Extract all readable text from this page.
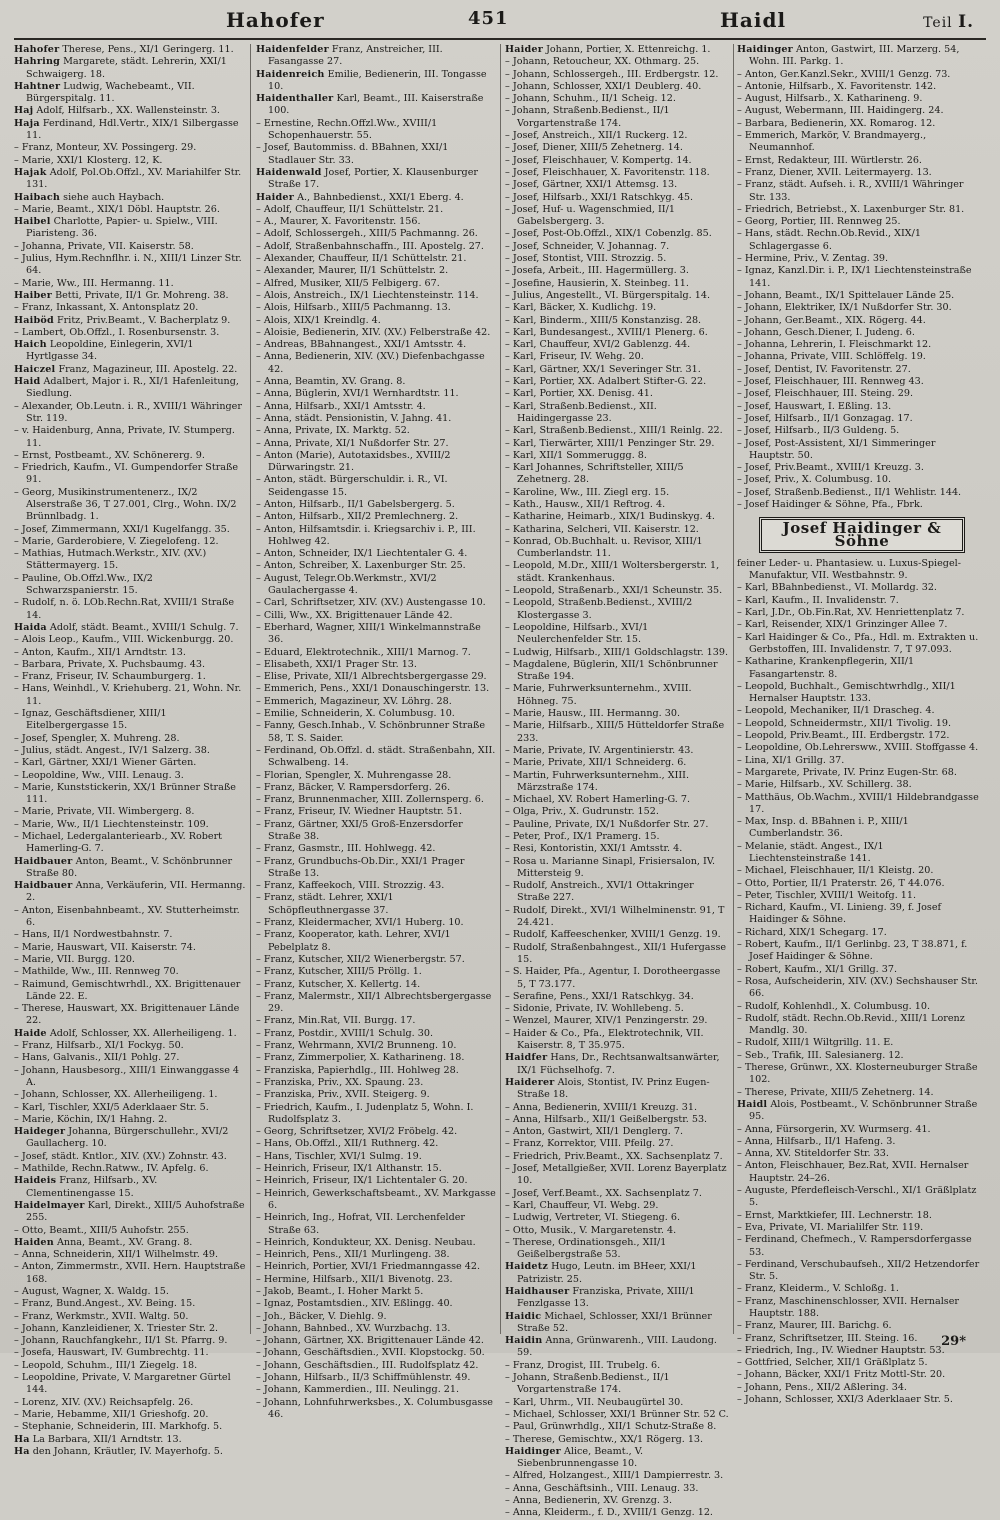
Hahofer	451	Haidl	Teil I.

Hahofer Therese, Pens., XI/1 Geringerg. 11.

Hahring Margarete, städt. Lehrerin, XXI/1 Schwaigerg. 18.

Hahtner Ludwig, Wachebeamt., VII. Bürgerspitalg. 11.

Haj Adolf, Hilfsarb., XX. Wallensteinstr. 3.

Haja Ferdinand, Hdl.Vertr., XIX/1 Silbergasse 11.

– Franz, Monteur, XV. Possingerg. 29.

– Marie, XXI/1 Klosterg. 12, K.

Hajak Adolf, Pol.Ob.Offzl., XV. Mariahilfer Str. 131.

Haibach siehe auch Haybach.

– Marie, Beamt., XIX/1 Döbl. Hauptstr. 26.

Haibel Charlotte, Papier- u. Spielw., VIII. Piaristeng. 36.

– Johanna, Private, VII. Kaiserstr. 58.

– Julius, Hym.Rechnflhr. i. N., XIII/1 Linzer Str. 64.

– Marie, Ww., III. Hermanng. 11.

Haiber Betti, Private, II/1 Gr. Mohreng. 38.

– Franz, Inkassant, X. Antonsplatz 20.

Haiböd Fritz, Priv.Beamt., V. Bacherplatz 9.

– Lambert, Ob.Offzl., I. Rosenbursenstr. 3.

Haich Leopoldine, Einlegerin, XVI/1 Hyrtlgasse 34.

Haiczel Franz, Magazineur, III. Apostelg. 22.

Haid Adalbert, Major i. R., XI/1 Hafenleitung, Siedlung.

– Alexander, Ob.Leutn. i. R., XVIII/1 Währinger Str. 119.

– v. Haidenburg, Anna, Private, IV. Stumperg. 11.

– Ernst, Postbeamt., XV. Schönererg. 9.

– Friedrich, Kaufm., VI. Gumpendorfer Straße 91.

– Georg, Musikinstrumentenerz., IX/2 Alserstraße 36, T 27.001, Clrg., Wohn. IX/2 Brünnlbadg. 1.

– Josef, Zimmermann, XXI/1 Kugelfangg. 35.

– Marie, Garderobiere, V. Ziegelofeng. 12.

– Mathias, Hutmach.Werkstr., XIV. (XV.) Stättermayerg. 15.

– Pauline, Ob.Offzl.Ww., IX/2 Schwarzspanierstr. 15.

– Rudolf, n. ö. LOb.Rechn.Rat, XVIII/1 Straße 14.

Haida Adolf, städt. Beamt., XVIII/1 Schulg. 7.

– Alois Leop., Kaufm., VIII. Wickenburgg. 20.

– Anton, Kaufm., XII/1 Arndtstr. 13.

– Barbara, Private, X. Puchsbaumg. 43.

– Franz, Friseur, IV. Schaumburgerg. 1.

– Hans, Weinhdl., V. Kriehuberg. 21, Wohn. Nr. 11.

– Ignaz, Geschäftsdiener, XIII/1 Eitelbergergasse 15.

– Josef, Spengler, X. Muhreng. 28.

– Julius, städt. Angest., IV/1 Salzerg. 38.

– Karl, Gärtner, XXI/1 Wiener Gärten.

– Leopoldine, Ww., VIII. Lenaug. 3.

– Marie, Kunststickerin, XX/1 Brünner Straße 111.

– Marie, Private, VII. Wimbergerg. 8.

– Marie, Ww., II/1 Liechtensteinstr. 109.

– Michael, Ledergalanteriearb., XV. Robert Hamerling-G. 7.

Haidbauer Anton, Beamt., V. Schönbrunner Straße 80.

Haidbauer Anna, Verkäuferin, VII. Hermanng. 2.

– Anton, Eisenbahnbeamt., XV. Stutterheimstr. 6.

– Hans, II/1 Nordwestbahnstr. 7.

– Marie, Hauswart, VII. Kaiserstr. 74.

– Marie, VII. Burgg. 120.

– Mathilde, Ww., III. Rennweg 70.

– Raimund, Gemischtwrhdl., XX. Brigittenauer Lände 22. E.

– Therese, Hauswart, XX. Brigittenauer Lände 22.

Haide Adolf, Schlosser, XX. Allerheiligeng. 1.

– Franz, Hilfsarb., XI/1 Fockyg. 50.

– Hans, Galvanis., XII/1 Pohlg. 27.

– Johann, Hausbesorg., XIII/1 Einwanggasse 4 A.

– Johann, Schlosser, XX. Allerheiligeng. 1.

– Karl, Tischler, XXI/5 Aderklaaer Str. 5.

– Marie, Köchin, IX/1 Hahng. 2.

Haideger Johanna, Bürgerschullehr., XVI/2 Gaullacherg. 10.

– Josef, städt. Kntlor., XIV. (XV.) Zohnstr. 43.

– Mathilde, Rechn.Ratww., IV. Apfelg. 6.

Haideis Franz, Hilfsarb., XV. Clementinengasse 15.

Haidelmayer Karl, Direkt., XIII/5 Auhofstraße 255.

– Otto, Beamt., XIII/5 Auhofstr. 255.

Haiden Anna, Beamt., XV. Grang. 8.

– Anna, Schneiderin, XII/1 Wilhelmstr. 49.

– Anton, Zimmermstr., XVII. Hern. Hauptstraße 168.

– August, Wagner, X. Waldg. 15.

– Franz, Bund.Angest., XV. Being. 15.

– Franz, Werkmstr., XVII. Waltg. 50.

– Johann, Kanzleidiener, X. Triester Str. 2.

– Johann, Rauchfangkehr., II/1 St. Pfarrg. 9.

– Josefa, Hauswart, IV. Gumbrechtg. 11.

– Leopold, Schuhm., III/1 Ziegelg. 18.

– Leopoldine, Private, V. Margaretner Gürtel 144.

– Lorenz, XIV. (XV.) Reichsapfelg. 26.

– Marie, Hebamme, XII/1 Grieshofg. 20.

– Stephanie, Schneiderin, III. Markhofg. 5.

Ha La Barbara, XII/1 Arndtstr. 13.

Ha den Johann, Kräutler, IV. Mayerhofg. 5.

Haidenfelder Franz, Anstreicher, III. Fasangasse 27.

Haidenreich Emilie, Bedienerin, III. Tongasse 10.

Haidenthaller Karl, Beamt., III. Kaiserstraße 100.

– Ernestine, Rechn.Offzl.Ww., XVIII/1 Schopenhauerstr. 55.

– Josef, Bautommiss. d. BBahnen, XXI/1 Stadlauer Str. 33.

Haidenwald Josef, Portier, X. Klausenburger Straße 17.

Haider A., Bahnbedienst., XXI/1 Eberg. 4.

– Adolf, Chauffeur, II/1 Schüttelstr. 21.

– A., Maurer, X. Favoritenstr. 156.

– Adolf, Schlossergeh., XIII/5 Pachmanng. 26.

– Adolf, Straßenbahnschaffn., III. Apostelg. 27.

– Alexander, Chauffeur, II/1 Schüttelstr. 21.

– Alexander, Maurer, II/1 Schüttelstr. 2.

– Alfred, Musiker, XII/5 Felbigerg. 67.

– Alois, Anstreich., IX/1 Liechtensteinstr. 114.

– Alois, Hilfsarb., XIII/5 Pachmanng. 13.

– Alois, XIX/1 Kreindlg. 4.

– Aloisie, Bedienerin, XIV. (XV.) Felberstraße 42.

– Andreas, BBahnangest., XXI/1 Amtsstr. 4.

– Anna, Bedienerin, XIV. (XV.) Diefenbachgasse 42.

– Anna, Beamtin, XV. Grang. 8.

– Anna, Büglerin, XVI/1 Wernhardtstr. 11.

– Anna, Hilfsarb., XXI/1 Amtsstr. 4.

– Anna, städt. Pensionistin, V. Jahng. 41.

– Anna, Private, IX. Marktg. 52.

– Anna, Private, XI/1 Nußdorfer Str. 27.

– Anton (Marie), Autotaxidsbes., XVIII/2 Dürwaringstr. 21.

– Anton, städt. Bürgerschuldir. i. R., VI. Seidengasse 15.

– Anton, Hilfsarb., II/1 Gabelsbergerg. 5.

– Anton, Hilfsarb., XII/2 Premlechnerg. 2.

– Anton, Hilfsamtsdir. i. Kriegsarchiv i. P., III. Hohlweg 42.

– Anton, Schneider, IX/1 Liechtentaler G. 4.

– Anton, Schreiber, X. Laxenburger Str. 25.

– August, Telegr.Ob.Werkmstr., XVI/2 Gaulachergasse 4.

– Carl, Schriftsetzer, XIV. (XV.) Austengasse 10.

– Cilli, Ww., XX. Brigittenauer Lände 42.

– Eberhard, Wagner, XIII/1 Winkelmannstraße 36.

– Eduard, Elektrotechnik., XIII/1 Marnog. 7.

– Elisabeth, XXI/1 Prager Str. 13.

– Elise, Private, XII/1 Albrechtsbergergasse 29.

– Emmerich, Pens., XXI/1 Donauschingerstr. 13.

– Emmerich, Magazineur, XV. Löhrg. 28.

– Emilie, Schneiderin, X. Columbusg. 10.

– Fanny, Gesch.Inhab., V. Schönbrunner Straße 58, T. S. Saider.

– Ferdinand, Ob.Offzl. d. städt. Straßenbahn, XII. Schwalbeng. 14.

– Florian, Spengler, X. Muhrengasse 28.

– Franz, Bäcker, V. Rampersdorferg. 26.

– Franz, Brunnenmacher, XIII. Zollernsperg. 6.

– Franz, Friseur, IV. Wiedner Hauptstr. 51.

– Franz, Gärtner, XXI/5 Groß-Enzersdorfer Straße 38.

– Franz, Gasmstr., III. Hohlwegg. 42.

– Franz, Grundbuchs-Ob.Dir., XXI/1 Prager Straße 13.

– Franz, Kaffeekoch, VIII. Strozzig. 43.

– Franz, städt. Lehrer, XXI/1 Schöpfleuthnergasse 37.

– Franz, Kleidermacher, XVI/1 Huberg. 10.

– Franz, Kooperator, kath. Lehrer, XVI/1 Pebelplatz 8.

– Franz, Kutscher, XII/2 Wienerbergstr. 57.

– Franz, Kutscher, XIII/5 Pröllg. 1.

– Franz, Kutscher, X. Kellertg. 14.

– Franz, Malermstr., XII/1 Albrechtsbergergasse 29.

– Franz, Min.Rat, VII. Burgg. 17.

– Franz, Postdir., XVIII/1 Schulg. 30.

– Franz, Wehrmann, XVI/2 Brunneng. 10.

– Franz, Zimmerpolier, X. Katharineng. 18.

– Franziska, Papierhdlg., III. Hohlweg 28.

– Franziska, Priv., XX. Spaung. 23.

– Franziska, Priv., XVII. Steigerg. 9.

– Friedrich, Kaufm., I. Judenplatz 5, Wohn. I. Rudolfsplatz 3.

– Georg, Schriftsetzer, XVI/2 Fröbelg. 42.

– Hans, Ob.Offzl., XII/1 Ruthnerg. 42.

– Hans, Tischler, XVI/1 Sulmg. 19.

– Heinrich, Friseur, IX/1 Althanstr. 15.

– Heinrich, Friseur, IX/1 Lichtentaler G. 20.

– Heinrich, Gewerkschaftsbeamt., XV. Markgasse 6.

– Heinrich, Ing., Hofrat, VII. Lerchenfelder Straße 63.

– Heinrich, Kondukteur, XX. Denisg. Neubau.

– Heinrich, Pens., XII/1 Murlingeng. 38.

– Heinrich, Portier, XVI/1 Friedmanngasse 42.

– Hermine, Hilfsarb., XII/1 Bivenotg. 23.

– Jakob, Beamt., I. Hoher Markt 5.

– Ignaz, Postamtsdien., XIV. Eßlingg. 40.

– Joh., Bäcker, V. Diehlg. 9.

– Johann, Bahnbed., XV. Wurzbachg. 13.

– Johann, Gärtner, XX. Brigittenauer Lände 42.

– Johann, Geschäftsdien., XVII. Klopstockg. 50.

– Johann, Geschäftsdien., III. Rudolfsplatz 42.

– Johann, Hilfsarb., II/3 Schiffmühlenstr. 49.

– Johann, Kammerdien., III. Neulingg. 21.

– Johann, Lohnfuhrwerksbes., X. Columbusgasse 46.

Haider Johann, Portier, X. Ettenreichg. 1.

– Johann, Retoucheur, XX. Othmarg. 25.

– Johann, Schlossergeh., III. Erdbergstr. 12.

– Johann, Schlosser, XXI/1 Deublerg. 40.

– Johann, Schuhm., II/1 Scheig. 12.

– Johann, Straßenb.Bedienst., II/1 Vorgartenstraße 174.

– Josef, Anstreich., XII/1 Ruckerg. 12.

– Josef, Diener, XIII/5 Zehetnerg. 14.

– Josef, Fleischhauer, V. Kompertg. 14.

– Josef, Fleischhauer, X. Favoritenstr. 118.

– Josef, Gärtner, XXI/1 Attemsg. 13.

– Josef, Hilfsarb., XXI/1 Ratschkyg. 45.

– Josef, Huf- u. Wagenschmied, II/1 Gabelsbergerg. 3.

– Josef, Post-Ob.Offzl., XIX/1 Cobenzlg. 85.

– Josef, Schneider, V. Johannag. 7.

– Josef, Stontist, VIII. Strozzig. 5.

– Josefa, Arbeit., III. Hagermüllerg. 3.

– Josefine, Hausierin, X. Steinbeg. 11.

– Julius, Angestellt., VI. Bürgerspitalg. 14.

– Karl, Bäcker, X. Kudlichg. 19.

– Karl, Binderm., XIII/5 Konstanzisg. 28.

– Karl, Bundesangest., XVIII/1 Plenerg. 6.

– Karl, Chauffeur, XVI/2 Gablenzg. 44.

– Karl, Friseur, IV. Wehg. 20.

– Karl, Gärtner, XX/1 Severinger Str. 31.

– Karl, Portier, XX. Adalbert Stifter-G. 22.

– Karl, Portier, XX. Denisg. 41.

– Karl, Straßenb.Bedienst., XII. Haidingergasse 23.

– Karl, Straßenb.Bedienst., XIII/1 Reinlg. 22.

– Karl, Tierwärter, XIII/1 Penzinger Str. 29.

– Karl, XII/1 Sommeruggg. 8.

– Karl Johannes, Schriftsteller, XIII/5 Zehetnerg. 28.

– Karoline, Ww., III. Ziegl erg. 15.

– Kath., Hausw., XII/1 Reftrog. 4.

– Katharine, Heimarb., XIX/1 Budinskyg. 4.

– Katharina, Selcheri, VII. Kaiserstr. 12.

– Konrad, Ob.Buchhalt. u. Revisor, XIII/1 Cumberlandstr. 11.

– Leopold, M.Dr., XIII/1 Woltersbergerstr. 1, städt. Krankenhaus.

– Leopold, Straßenarb., XXI/1 Scheunstr. 35.

– Leopold, Straßenb.Bedienst., XVIII/2 Klostergasse 3.

– Leopoldine, Hilfsarb., XVI/1 Neulerchenfelder Str. 15.

– Ludwig, Hilfsarb., XIII/1 Goldschlagstr. 139.

– Magdalene, Büglerin, XII/1 Schönbrunner Straße 194.

– Marie, Fuhrwerksunternehm., XVIII. Höhneg. 75.

– Marie, Hausw., III. Hermanng. 30.

– Marie, Hilfsarb., XIII/5 Hütteldorfer Straße 233.

– Marie, Private, IV. Argentinierstr. 43.

– Marie, Private, XII/1 Schneiderg. 6.

– Martin, Fuhrwerksunternehm., XIII. Märzstraße 174.

– Michael, XV. Robert Hamerling-G. 7.

– Olga, Priv., X. Gudrunstr. 152.

– Pauline, Private, IX/1 Nußdorfer Str. 27.

– Peter, Prof., IX/1 Pramerg. 15.

– Resi, Kontoristin, XXI/1 Amtsstr. 4.

– Rosa u. Marianne Sinapl, Frisiersalon, IV. Mittersteig 9.

– Rudolf, Anstreich., XVI/1 Ottakringer Straße 227.

– Rudolf, Direkt., XVI/1 Wilhelminenstr. 91, T 24.421.

– Rudolf, Kaffeeschenker, XVIII/1 Genzg. 19.

– Rudolf, Straßenbahngest., XII/1 Hufergasse 15.

– S. Haider, Pfa., Agentur, I. Dorotheergasse 5, T 73.177.

– Serafine, Pens., XXI/1 Ratschkyg. 34.

– Sidonie, Private, IV. Wohllebeng. 5.

– Wenzel, Maurer, XIV/1 Penzingerstr. 29.

– Haider & Co., Pfa., Elektrotechnik, VII. Kaiserstr. 8, T 35.975.

Haidfer Hans, Dr., Rechtsanwaltsanwärter, IX/1 Füchselhofg. 7.

Haiderer Alois, Stontist, IV. Prinz Eugen-Straße 18.

– Anna, Bedienerin, XVIII/1 Kreuzg. 31.

– Anna, Hilfsarb., XII/1 Geißelbergstr. 53.

– Anton, Gastwirt, XII/1 Denglerg. 7.

– Franz, Korrektor, VIII. Pfeilg. 27.

– Friedrich, Priv.Beamt., XX. Sachsenplatz 7.

– Josef, Metallgießer, XVII. Lorenz Bayerplatz 10.

– Josef, Verf.Beamt., XX. Sachsenplatz 7.

– Karl, Chauffeur, VI. Webg. 29.

– Ludwig, Vertreter, VI. Stiegeng. 6.

– Otto, Musik., V. Margaretenstr. 4.

– Therese, Ordinationsgeh., XII/1 Geißelbergstraße 53.

Haidetz Hugo, Leutn. im BHeer, XXI/1 Patrizistr. 25.

Haidhauser Franziska, Private, XIII/1 Fenzlgasse 13.

Haidic Michael, Schlosser, XXI/1 Brünner Straße 52.

Haidin Anna, Grünwarenh., VIII. Laudong. 59.

– Franz, Drogist, III. Trubelg. 6.

– Johann, Straßenb.Bedienst., II/1 Vorgartenstraße 174.

– Karl, Uhrm., VII. Neubaugürtel 30.

– Michael, Schlosser, XXI/1 Brünner Str. 52 C.

– Paul, Grünwrhdlg., XII/1 Schutz-Straße 8.

– Therese, Gemischtw., XX/1 Rögerg. 13.

Haidinger Alice, Beamt., V. Siebenbrunnengasse 10.

– Alfred, Holzangest., XIII/1 Dampierrestr. 3.

– Anna, Geschäftsinh., VIII. Lenaug. 33.

– Anna, Bedienerin, XV. Grenzg. 3.

– Anna, Kleiderm., f. D., XVIII/1 Genzg. 12.

Haidinger Anton, Gastwirt, III. Marzerg. 54, Wohn. III. Parkg. 1.

– Anton, Ger.Kanzl.Sekr., XVIII/1 Genzg. 73.

– Antonie, Hilfsarb., X. Favoritenstr. 142.

– August, Hilfsarb., X. Katharineng. 9.

– August, Webermann, III. Haidingerg. 24.

– Barbara, Bedienerin, XX. Romarog. 12.

– Emmerich, Markör, V. Brandmayerg., Neumannhof.

– Ernst, Redakteur, III. Würtlerstr. 26.

– Franz, Diener, XVII. Leitermayerg. 13.

– Franz, städt. Aufseh. i. R., XVIII/1 Währinger Str. 133.

– Friedrich, Betriebst., X. Laxenburger Str. 81.

– Georg, Portier, III. Rennweg 25.

– Hans, städt. Rechn.Ob.Revid., XIX/1 Schlagergasse 6.

– Hermine, Priv., V. Zentag. 39.

– Ignaz, Kanzl.Dir. i. P., IX/1 Liechtensteinstraße 141.

– Johann, Beamt., IX/1 Spittelauer Lände 25.

– Johann, Elektriker, IX/1 Nußdorfer Str. 30.

– Johann, Ger.Beamt., XIX. Rögerg. 44.

– Johann, Gesch.Diener, I. Judeng. 6.

– Johanna, Lehrerin, I. Fleischmarkt 12.

– Johanna, Private, VIII. Schlöffelg. 19.

– Josef, Dentist, IV. Favoritenstr. 27.

– Josef, Fleischhauer, III. Rennweg 43.

– Josef, Fleischhauer, III. Steing. 29.

– Josef, Hauswart, I. Eßling. 13.

– Josef, Hilfsarb., II/1 Gonzagag. 17.

– Josef, Hilfsarb., II/3 Guldeng. 5.

– Josef, Post-Assistent, XI/1 Simmeringer Hauptstr. 50.

– Josef, Priv.Beamt., XVIII/1 Kreuzg. 3.

– Josef, Priv., X. Columbusg. 10.

– Josef, Straßenb.Bedienst., II/1 Wehlistr. 144.

– Josef Haidinger & Söhne, Pfa., Fbrk.

Josef Haidinger & Söhne

feiner Leder- u. Phantasiew. u. Luxus-Spiegel-Manufaktur, VII. Westbahnstr. 9.

– Karl, BBahnbedienst., VI. Mollardg. 32.

– Karl, Kaufm., II. Invalidenstr. 7.

– Karl, J.Dr., Ob.Fin.Rat, XV. Henriettenplatz 7.

– Karl, Reisender, XIX/1 Grinzinger Allee 7.

– Karl Haidinger & Co., Pfa., Hdl. m. Extrakten u. Gerbstoffen, III. Invalidenstr. 7, T 97.093.

– Katharine, Krankenpflegerin, XII/1 Fasangartenstr. 8.

– Leopold, Buchhalt., Gemischtwrhdlg., XII/1 Hernalser Hauptstr. 133.

– Leopold, Mechaniker, II/1 Drascheg. 4.

– Leopold, Schneidermstr., XII/1 Tivolig. 19.

– Leopold, Priv.Beamt., III. Erdbergstr. 172.

– Leopoldine, Ob.Lehrersww., XVIII. Stoffgasse 4.

– Lina, XI/1 Grillg. 37.

– Margarete, Private, IV. Prinz Eugen-Str. 68.

– Marie, Hilfsarb., XV. Schillerg. 38.

– Matthäus, Ob.Wachm., XVIII/1 Hildebrandgasse 17.

– Max, Insp. d. BBahnen i. P., XIII/1 Cumberlandstr. 36.

– Melanie, städt. Angest., IX/1 Liechtensteinstraße 141.

– Michael, Fleischhauer, II/1 Kleistg. 20.

– Otto, Portier, II/1 Praterstr. 26, T 44.076.

– Peter, Tischler, XVIII/1 Weitofg. 11.

– Richard, Kaufm., VI. Linieng. 39, f. Josef Haidinger & Söhne.

– Richard, XIX/1 Schegarg. 17.

– Robert, Kaufm., II/1 Gerlinbg. 23, T 38.871, f. Josef Haidinger & Söhne.

– Robert, Kaufm., XI/1 Grillg. 37.

– Rosa, Aufscheiderin, XIV. (XV.) Sechshauser Str. 66.

– Rudolf, Kohlenhdl., X. Columbusg. 10.

– Rudolf, städt. Rechn.Ob.Revid., XIII/1 Lorenz Mandlg. 30.

– Rudolf, XIII/1 Wiltgrillg. 11. E.

– Seb., Trafik, III. Salesianerg. 12.

– Therese, Grünwr., XX. Klosterneuburger Straße 102.

– Therese, Private, XIII/5 Zehetnerg. 14.

Haidl Alois, Postbeamt., V. Schönbrunner Straße 95.

– Anna, Fürsorgerin, XV. Wurmserg. 41.

– Anna, Hilfsarb., II/1 Hafeng. 3.

– Anna, XV. Stiteldorfer Str. 33.

– Anton, Fleischhauer, Bez.Rat, XVII. Hernalser Hauptstr. 24–26.

– Auguste, Pferdefleisch-Verschl., XI/1 Gräßlplatz 5.

– Ernst, Marktkiefer, III. Lechnerstr. 18.

– Eva, Private, VI. Marialilfer Str. 119.

– Ferdinand, Chefmech., V. Rampersdorfergasse 53.

– Ferdinand, Verschubaufseh., XII/2 Hetzendorfer Str. 5.

– Franz, Kleiderm., V. Schloßg. 1.

– Franz, Maschinenschlosser, XVII. Hernalser Hauptstr. 188.

– Franz, Maurer, III. Barichg. 6.

– Franz, Schriftsetzer, III. Steing. 16.

– Friedrich, Ing., IV. Wiedner Hauptstr. 53.

– Gottfried, Selcher, XII/1 Gräßlplatz 5.

– Johann, Bäcker, XXI/1 Fritz Mottl-Str. 20.

– Johann, Pens., XII/2 Aßlering. 34.

– Johann, Schlosser, XXI/3 Aderklaaer Str. 5.

29*
